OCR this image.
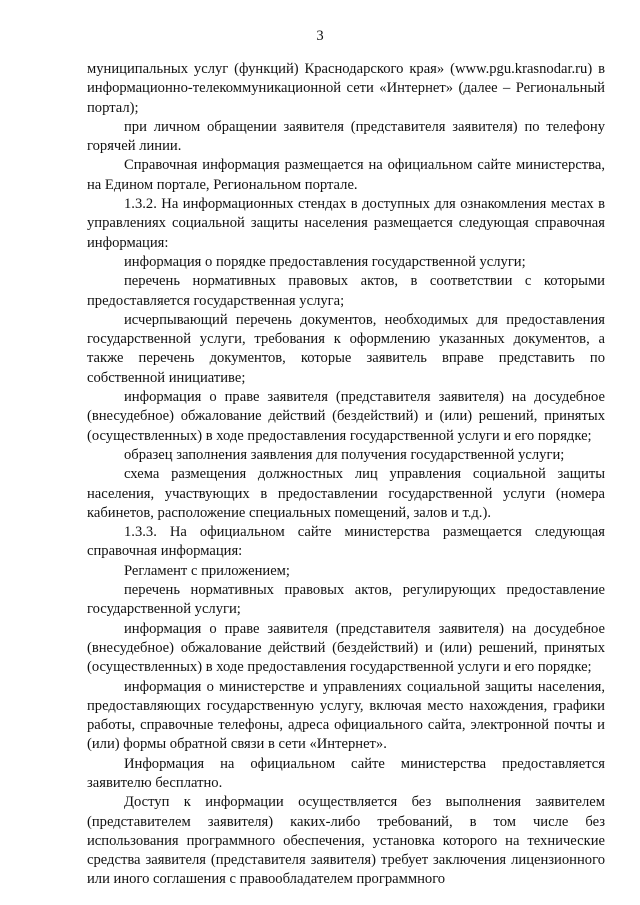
3

муниципальных услуг (функций) Краснодарского края» (www.pgu.krasnodar.ru) в информационно-телекоммуникационной сети «Интернет» (далее – Региональный портал);

при личном обращении заявителя (представителя заявителя) по телефону горячей линии.

Справочная информация размещается на официальном сайте министерства, на Едином портале, Региональном портале.

1.3.2. На информационных стендах в доступных для ознакомления местах в управлениях социальной защиты населения размещается следующая справочная информация:

информация о порядке предоставления государственной услуги;

перечень нормативных правовых актов, в соответствии с которыми предоставляется государственная услуга;

исчерпывающий перечень документов, необходимых для предоставления государственной услуги, требования к оформлению указанных документов, а также перечень документов, которые заявитель вправе представить по собственной инициативе;

информация о праве заявителя (представителя заявителя) на досудебное (внесудебное) обжалование действий (бездействий) и (или) решений, принятых (осуществленных) в ходе предоставления государственной услуги и его порядке;

образец заполнения заявления для получения государственной услуги;

схема размещения должностных лиц управления социальной защиты населения, участвующих в предоставлении государственной услуги (номера кабинетов, расположение специальных помещений, залов и т.д.).

1.3.3. На официальном сайте министерства размещается следующая справочная информация:

Регламент с приложением;

перечень нормативных правовых актов, регулирующих предоставление государственной услуги;

информация о праве заявителя (представителя заявителя) на досудебное (внесудебное) обжалование действий (бездействий) и (или) решений, принятых (осуществленных) в ходе предоставления государственной услуги и его порядке;

информация о министерстве и управлениях социальной защиты населения, предоставляющих государственную услугу, включая место нахождения, графики работы, справочные телефоны, адреса официального сайта, электронной почты и (или) формы обратной связи в сети «Интернет».

Информация на официальном сайте министерства предоставляется заявителю бесплатно.

Доступ к информации осуществляется без выполнения заявителем (представителем заявителя) каких-либо требований, в том числе без использования программного обеспечения, установка которого на технические средства заявителя (представителя заявителя) требует заключения лицензионного или иного соглашения с правообладателем программного
